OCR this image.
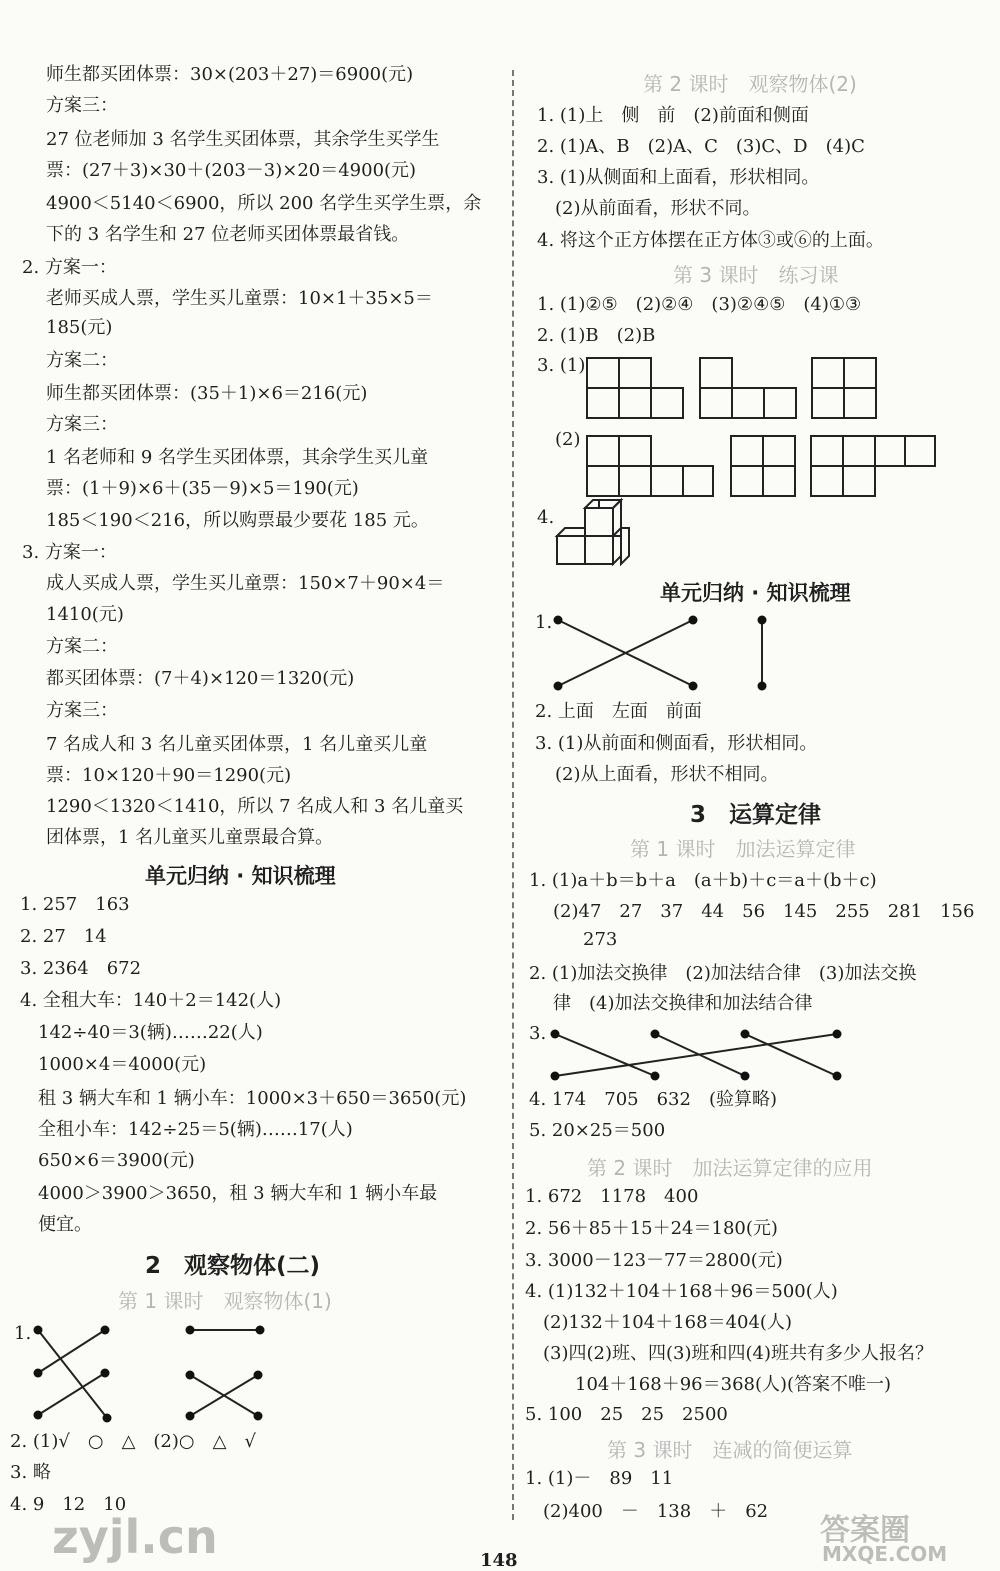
师生都买团体票：30×(203＋27)＝6900(元)
方案三：
27 位老师加 3 名学生买团体票，其余学生买学生
票：(27＋3)×30＋(203－3)×20＝4900(元)
4900＜5140＜6900，所以 200 名学生买学生票，余
下的 3 名学生和 27 位老师买团体票最省钱。
2. 方案一：
老师买成人票，学生买儿童票：10×1＋35×5＝
185(元)
方案二：
师生都买团体票：(35＋1)×6＝216(元)
方案三：
1 名老师和 9 名学生买团体票，其余学生买儿童
票：(1＋9)×6＋(35－9)×5＝190(元)
185＜190＜216，所以购票最少要花 185 元。
3. 方案一：
成人买成人票，学生买儿童票：150×7＋90×4＝
1410(元)
方案二：
都买团体票：(7＋4)×120＝1320(元)
方案三：
7 名成人和 3 名儿童买团体票，1 名儿童买儿童
票：10×120＋90＝1290(元)
1290＜1320＜1410，所以 7 名成人和 3 名儿童买
团体票，1 名儿童买儿童票最合算。
单元归纳 · 知识梳理
1. 257　163
2. 27　14
3. 2364　672
4. 全租大车：140＋2＝142(人)
142÷40＝3(辆)……22(人)
1000×4＝4000(元)
租 3 辆大车和 1 辆小车：1000×3＋650＝3650(元)
全租小车：142÷25＝5(辆)……17(人)
650×6＝3900(元)
4000＞3900＞3650，租 3 辆大车和 1 辆小车最
便宜。
2　观察物体(二)
第 1 课时　观察物体(1)
1.
2. (1)√　○　△　(2)○　△　√
3. 略
4. 9　12　10
第 2 课时　观察物体(2)
1. (1)上　侧　前　(2)前面和侧面
2. (1)A、B　(2)A、C　(3)C、D　(4)C
3. (1)从侧面和上面看，形状相同。
(2)从前面看，形状不同。
4. 将这个正方体摆在正方体③或⑥的上面。
第 3 课时　练习课
1. (1)②⑤　(2)②④　(3)②④⑤　(4)①③
2. (1)B　(2)B
3. (1)
(2)
4.
单元归纳 · 知识梳理
1.
2. 上面　左面　前面
3. (1)从前面和侧面看，形状相同。
(2)从上面看，形状不相同。
3　运算定律
第 1 课时　加法运算定律
1. (1)a＋b＝b＋a　(a＋b)＋c＝a＋(b＋c)
(2)47　27　37　44　56　145　255　281　156
273
2. (1)加法交换律　(2)加法结合律　(3)加法交换
律　(4)加法交换律和加法结合律
3.
4. 174　705　632　(验算略)
5. 20×25＝500
第 2 课时　加法运算定律的应用
1. 672　1178　400
2. 56＋85＋15＋24＝180(元)
3. 3000－123－77＝2800(元)
4. (1)132＋104＋168＋96＝500(人)
(2)132＋104＋168＝404(人)
(3)四(2)班、四(3)班和四(4)班共有多少人报名？
104＋168＋96＝368(人)(答案不唯一)
5. 100　25　25　2500
第 3 课时　连减的简便运算
1. (1)－　89　11
(2)400　－　138　＋　62
148
zyjl.cn	答案圈
MXQE.COM
